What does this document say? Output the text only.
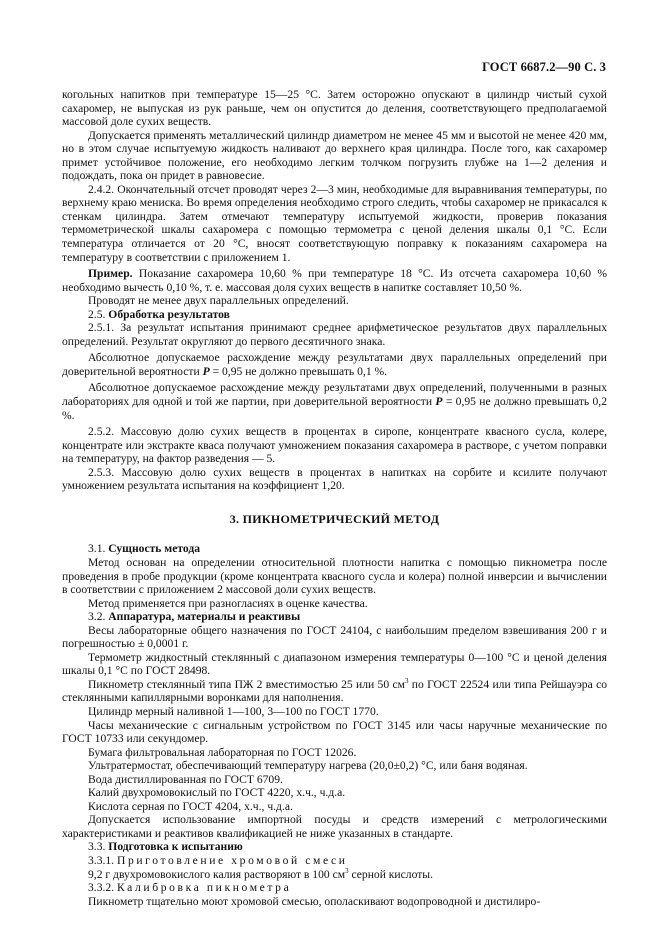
ГОСТ 6687.2—90 С. 3

когольных напитков при температуре 15—25 °С. Затем осторожно опускают в цилиндр чистый сухой сахаромер, не выпуская из рук раньше, чем он опустится до деления, соответствующего предполагаемой массовой доле сухих веществ.

Допускается применять металлический цилиндр диаметром не менее 45 мм и высотой не менее 420 мм, но в этом случае испытуемую жидкость наливают до верхнего края цилиндра. После того, как сахаромер примет устойчивое положение, его необходимо легким толчком погрузить глубже на 1—2 деления и подождать, пока он придет в равновесие.

2.4.2. Окончательный отсчет проводят через 2—3 мин, необходимые для выравнивания температуры, по верхнему краю мениска. Во время определения необходимо строго следить, чтобы сахаромер не прикасался к стенкам цилиндра. Затем отмечают температуру испытуемой жидкости, проверив показания термометрической шкалы сахаромера с помощью термометра с ценой деления шкалы 0,1 °С. Если температура отличается от 20 °С, вносят соответствующую поправку к показаниям сахаромера на температуру в соответствии с приложением 1.

Пример. Показание сахаромера 10,60 % при температуре 18 °С. Из отсчета сахаромера 10,60 % необходимо вычесть 0,10 %, т. е. массовая доля сухих веществ в напитке составляет 10,50 %.

Проводят не менее двух параллельных определений.

2.5. Обработка результатов

2.5.1. За результат испытания принимают среднее арифметическое результатов двух параллельных определений. Результат округляют до первого десятичного знака.

Абсолютное допускаемое расхождение между результатами двух параллельных определений при доверительной вероятности P = 0,95 не должно превышать 0,1 %.

Абсолютное допускаемое расхождение между результатами двух определений, полученными в разных лабораториях для одной и той же партии, при доверительной вероятности P = 0,95 не должно превышать 0,2 %.

2.5.2. Массовую долю сухих веществ в процентах в сиропе, концентрате квасного сусла, колере, концентрате или экстракте кваса получают умножением показания сахаромера в растворе, с учетом поправки на температуру, на фактор разведения — 5.

2.5.3. Массовую долю сухих веществ в процентах в напитках на сорбите и ксилите получают умножением результата испытания на коэффициент 1,20.

3. ПИКНОМЕТРИЧЕСКИЙ МЕТОД

3.1. Сущность метода

Метод основан на определении относительной плотности напитка с помощью пикнометра после проведения в пробе продукции (кроме концентрата квасного сусла и колера) полной инверсии и вычислении в соответствии с приложением 2 массовой доли сухих веществ.

Метод применяется при разногласиях в оценке качества.

3.2. Аппаратура, материалы и реактивы

Весы лабораторные общего назначения по ГОСТ 24104, с наибольшим пределом взвешивания 200 г и погрешностью ± 0,0001 г.

Термометр жидкостный стеклянный с диапазоном измерения температуры 0—100 °С и ценой деления шкалы 0,1 °С по ГОСТ 28498.

Пикнометр стеклянный типа ПЖ 2 вместимостью 25 или 50 $см^3$ по ГОСТ 22524 или типа Рейшауэра со стеклянными капиллярными воронками для наполнения.

Цилиндр мерный наливной 1—100, 3—100 по ГОСТ 1770.

Часы механические с сигнальным устройством по ГОСТ 3145 или часы наручные механические по ГОСТ 10733 или секундомер.

Бумага фильтровальная лабораторная по ГОСТ 12026.

Ультратермостат, обеспечивающий температуру нагрева (20,0±0,2) °С, или баня водяная.

Вода дистиллированная по ГОСТ 6709.

Калий двухромовокислый по ГОСТ 4220, х.ч., ч.д.а.

Кислота серная по ГОСТ 4204, х.ч., ч.д.а.

Допускается использование импортной посуды и средств измерений с метрологическими характеристиками и реактивов квалификацией не ниже указанных в стандарте.

3.3. Подготовка к испытанию

3.3.1. Приготовление хромовой смеси

9,2 г двухромовокислого калия растворяют в 100 $см^3$ серной кислоты.

3.3.2. Калибровка пикнометра

Пикнометр тщательно моют хромовой смесью, ополаскивают водопроводной и дистилиро-
